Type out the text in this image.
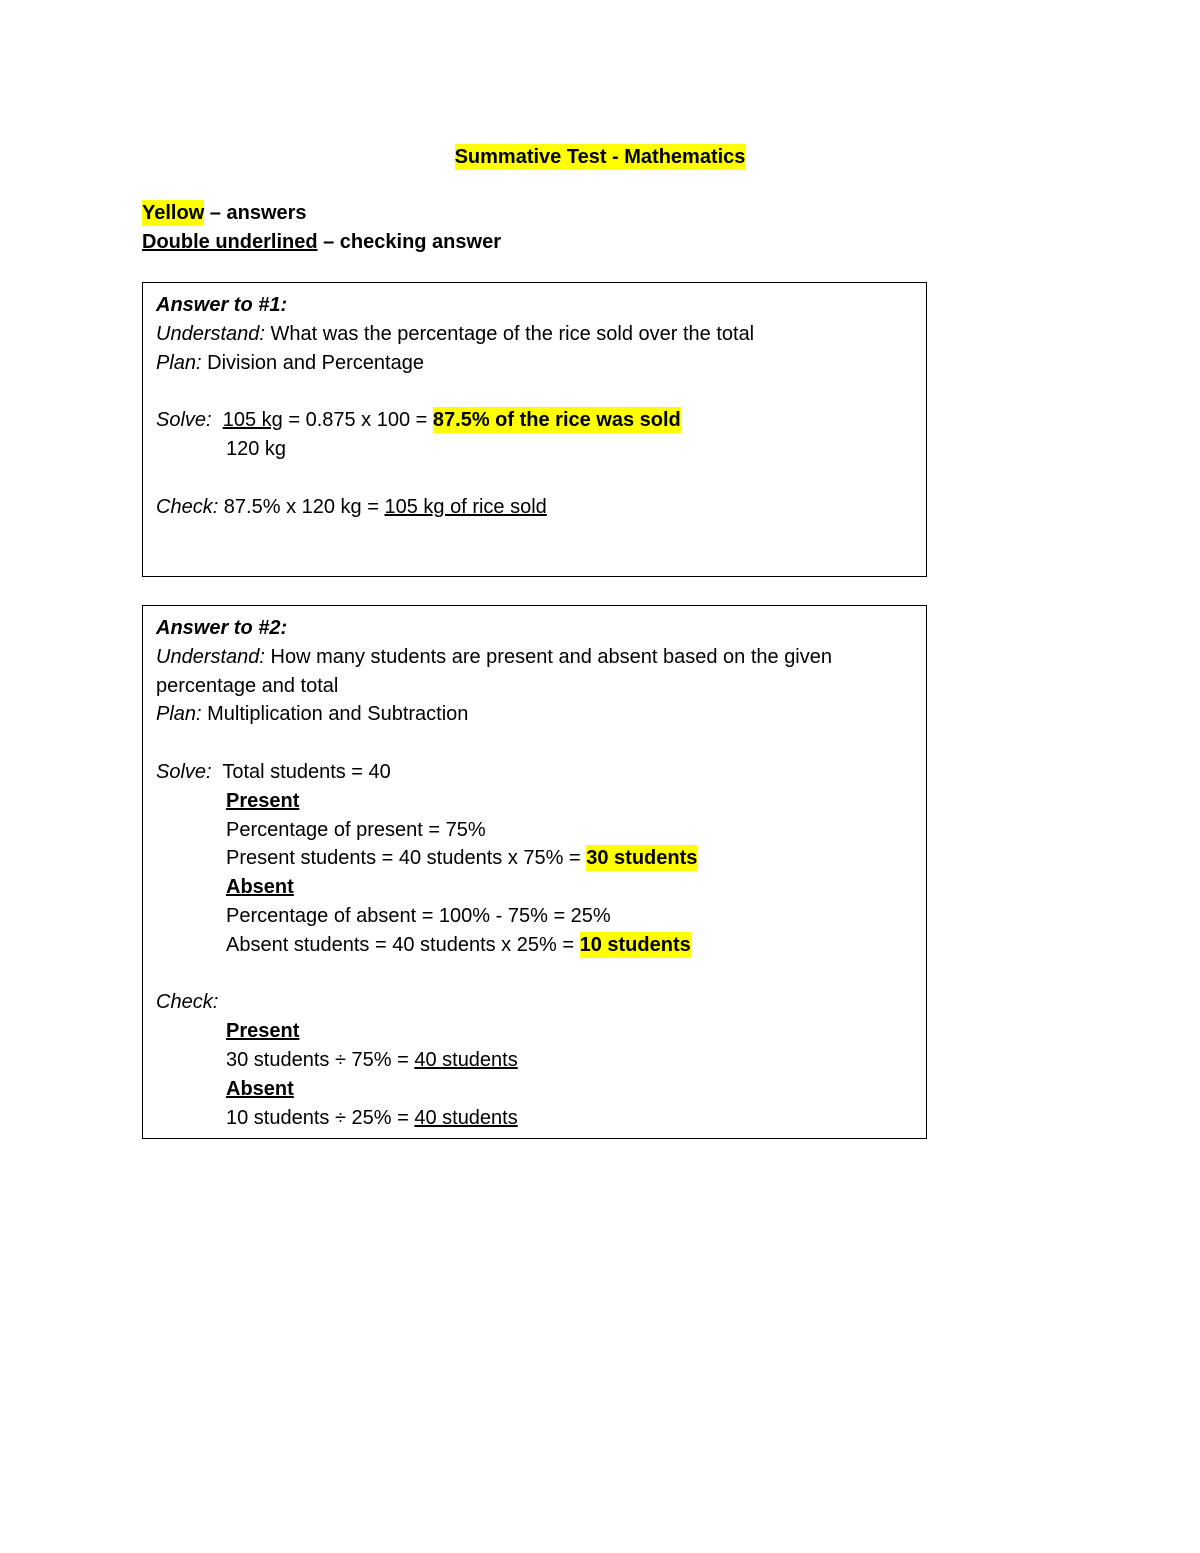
Summative Test - Mathematics
Yellow – answers
Double underlined – checking answer
Answer to #1:
Understand: What was the percentage of the rice sold over the total
Plan: Division and Percentage
Solve: 105 kg = 0.875 x 100 = 87.5% of the rice was sold
120 kg
Check: 87.5% x 120 kg = 105 kg of rice sold
Answer to #2:
Understand: How many students are present and absent based on the given percentage and total
Plan: Multiplication and Subtraction
Solve:  Total students = 40
Present
Percentage of present = 75%
Present students = 40 students x 75% = 30 students
Absent
Percentage of absent = 100% - 75% = 25%
Absent students = 40 students x 25% = 10 students
Check:
Present
30 students ÷ 75% = 40 students
Absent
10 students ÷ 25% = 40 students
